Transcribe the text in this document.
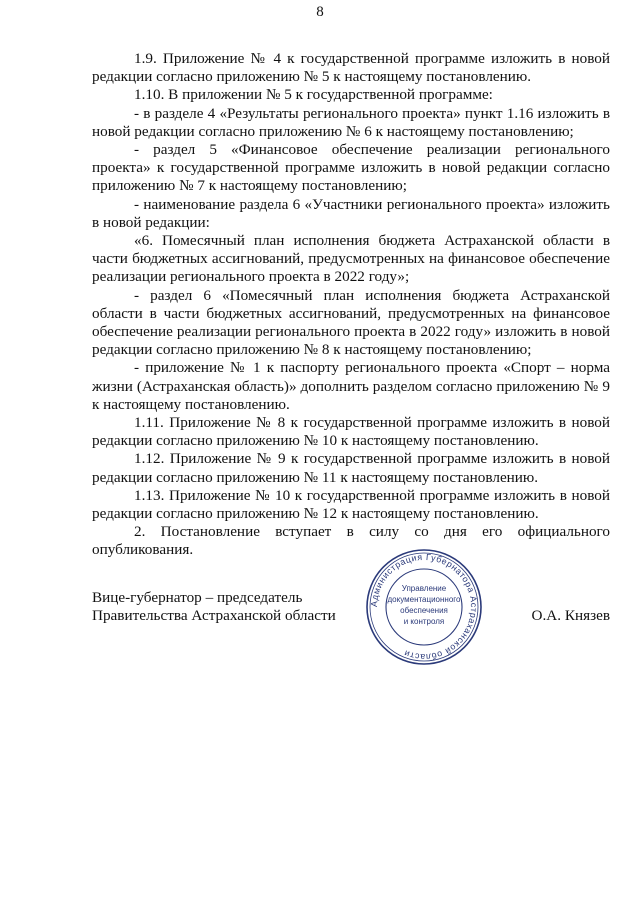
8

1.9. Приложение № 4 к государственной программе изложить в новой редакции согласно приложению № 5 к настоящему постановлению.

1.10. В приложении № 5 к государственной программе:

- в разделе 4 «Результаты регионального проекта» пункт 1.16 изложить в новой редакции согласно приложению № 6 к настоящему постановлению;

- раздел 5 «Финансовое обеспечение реализации регионального проекта» к государственной программе изложить в новой редакции согласно приложению № 7 к настоящему постановлению;

- наименование раздела 6 «Участники регионального проекта» изложить в новой редакции:

«6. Помесячный план исполнения бюджета Астраханской области в части бюджетных ассигнований, предусмотренных на финансовое обеспечение реализации регионального проекта в 2022 году»;

- раздел 6 «Помесячный план исполнения бюджета Астраханской области в части бюджетных ассигнований, предусмотренных на финансовое обеспечение реализации регионального проекта в 2022 году» изложить в новой редакции согласно приложению № 8 к настоящему постановлению;

- приложение № 1 к паспорту регионального проекта «Спорт – норма жизни (Астраханская область)» дополнить разделом согласно приложению № 9 к настоящему постановлению.

1.11. Приложение № 8 к государственной программе изложить в новой редакции согласно приложению № 10 к настоящему постановлению.

1.12. Приложение № 9 к государственной программе изложить в новой редакции согласно приложению № 11 к настоящему постановлению.

1.13. Приложение № 10 к государственной программе изложить в новой редакции согласно приложению № 12 к настоящему постановлению.

2. Постановление вступает в силу со дня его официального опубликования.

Вице-губернатор – председатель
Правительства Астраханской области
Администрация Губернатора Астраханской области
Управление
документационного
обеспечения
и контроля	О.А. Князев
